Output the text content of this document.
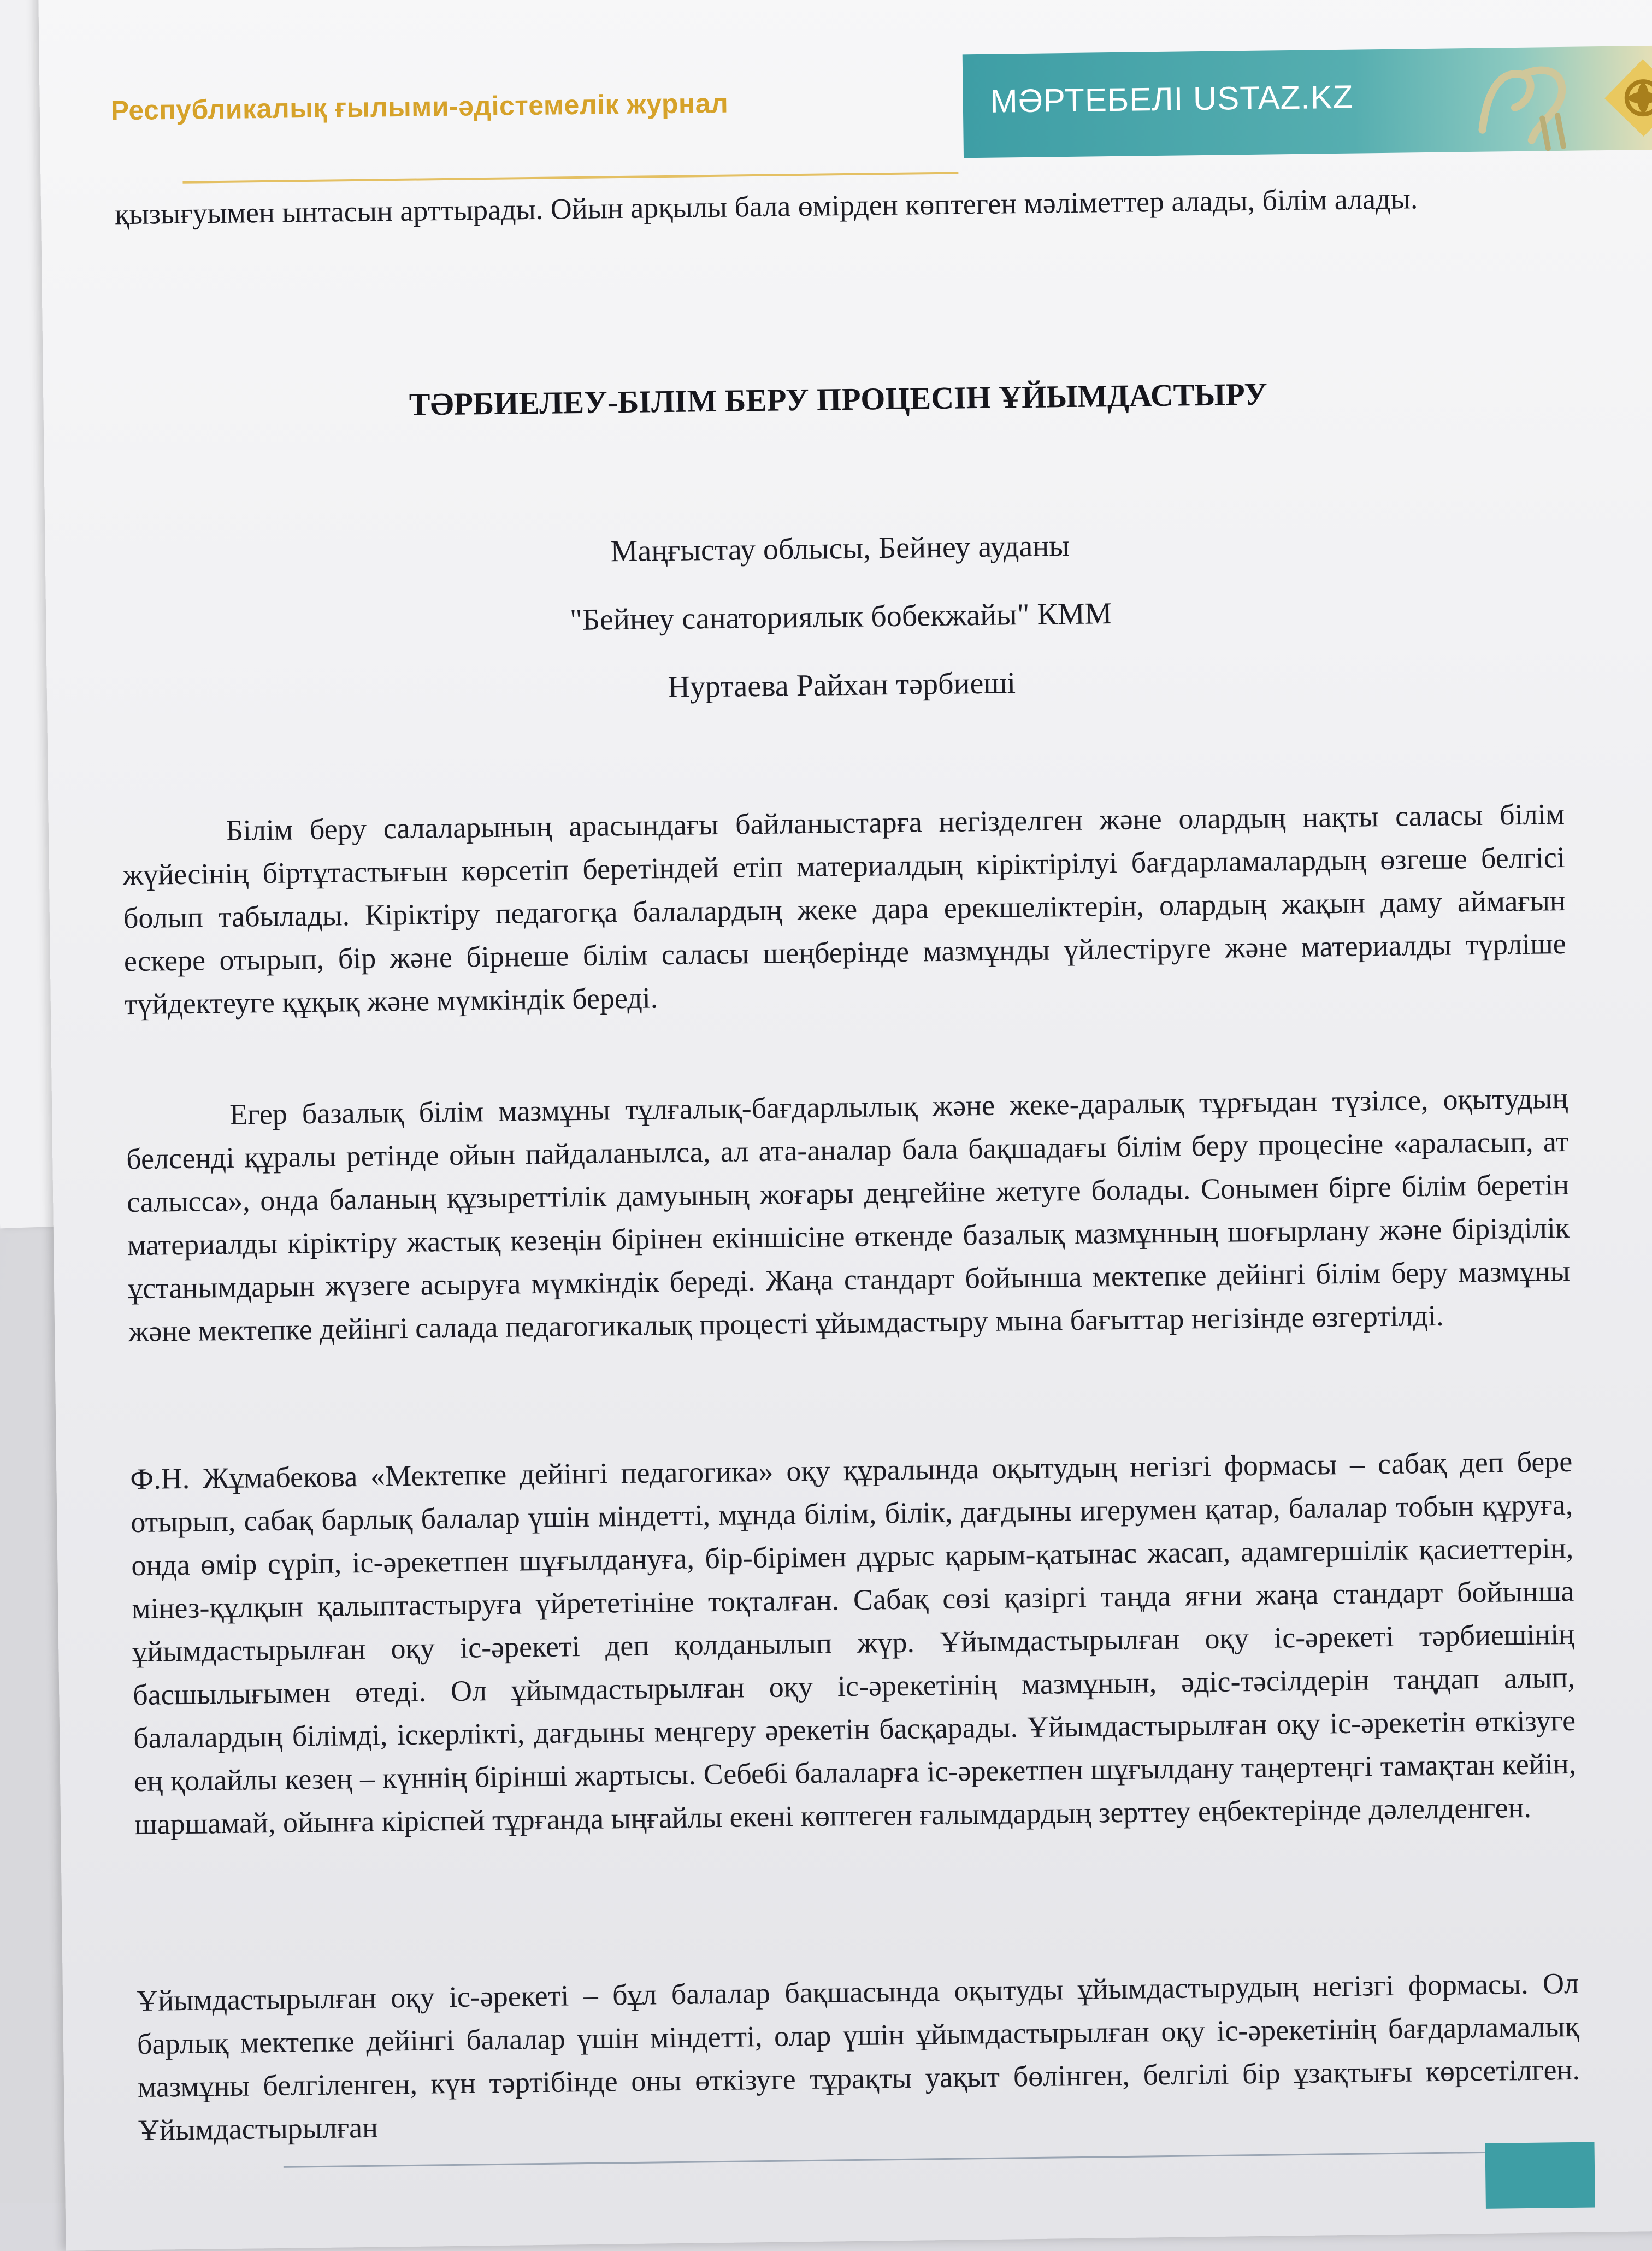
Республикалық ғылыми-әдістемелік журнал	МӘРТЕБЕЛІ USTAZ.KZ
қызығуымен ынтасын арттырады. Ойын арқылы бала өмірден көптеген мәліметтер алады, білім алады.
ТӘРБИЕЛЕУ-БІЛІМ БЕРУ ПРОЦЕСІН ҰЙЫМДАСТЫРУ
Маңғыстау облысы, Бейнеу ауданы
"Бейнеу санаториялык бобекжайы" КММ
Нуртаева Райхан тәрбиеші
Білім беру салаларының арасындағы байланыстарға негізделген және олардың нақты саласы білім жүйесінің біртұтастығын көрсетіп беретіндей етіп материалдың кіріктірілуі бағдарламалардың өзгеше белгісі болып табылады. Кіріктіру педагогқа балалардың жеке дара ерекшеліктерін, олардың жақын даму аймағын ескере отырып, бір және бірнеше білім саласы шеңберінде мазмұнды үйлестіруге және материалды түрліше түйдектеуге құқық және мүмкіндік береді.
Егер базалық білім мазмұны тұлғалық-бағдарлылық және жеке-даралық тұрғыдан түзілсе, оқытудың белсенді құралы ретінде ойын пайдаланылса, ал ата-аналар бала бақшадағы білім беру процесіне «араласып, ат салысса», онда баланың құзыреттілік дамуының жоғары деңгейіне жетуге болады. Сонымен бірге білім беретін материалды кіріктіру жастық кезеңін бірінен екіншісіне өткенде базалық мазмұнның шоғырлану және біріздiлік ұстанымдарын жүзеге асыруға мүмкіндік береді. Жаңа стандарт бойынша мектепке дейінгі білім беру мазмұны және мектепке дейінгі салада педагогикалық процесті ұйымдастыру мына бағыттар негізінде өзгертілді.
Ф.Н. Жұмабекова «Мектепке дейінгі педагогика» оқу құралында оқытудың негізгі формасы – сабақ деп бере отырып, сабақ барлық балалар үшін міндетті, мұнда білім, білік, дағдыны игерумен қатар, балалар тобын құруға, онда өмір сүріп, іс-әрекетпен шұғылдануға, бір-бірімен дұрыс қарым-қатынас жасап, адамгершілік қасиеттерін, мінез-құлқын қалыптастыруға үйрететініне тоқталған. Сабақ сөзі қазіргі таңда яғни жаңа стандарт бойынша ұйымдастырылған оқу іс-әрекеті деп қолданылып жүр. Ұйымдастырылған оқу іс-әрекеті тәрбиешінің басшылығымен өтеді. Ол ұйымдастырылған оқу іс-әрекетінің мазмұнын, әдіс-тәсілдерін таңдап алып, балалардың білімді, іскерлікті, дағдыны меңгеру әрекетін басқарады. Ұйымдастырылған оқу іс-әрекетін өткізуге ең қолайлы кезең – күннің бірінші жартысы. Себебі балаларға іс-әрекетпен шұғылдану таңертеңгі тамақтан кейін, шаршамай, ойынға кіріспей тұрғанда ыңғайлы екені көптеген ғалымдардың зерттеу еңбектерінде дәлелденген.
Ұйымдастырылған оқу іс-әрекеті – бұл балалар бақшасында оқытуды ұйымдастырудың негізгі формасы. Ол барлық мектепке дейінгі балалар үшін міндетті, олар үшін ұйымдастырылған оқу іс-әрекетінің бағдарламалық мазмұны белгіленген, күн тәртібінде оны өткізуге тұрақты уақыт бөлінген, белгілі бір ұзақтығы көрсетілген. Ұйымдастырылған
